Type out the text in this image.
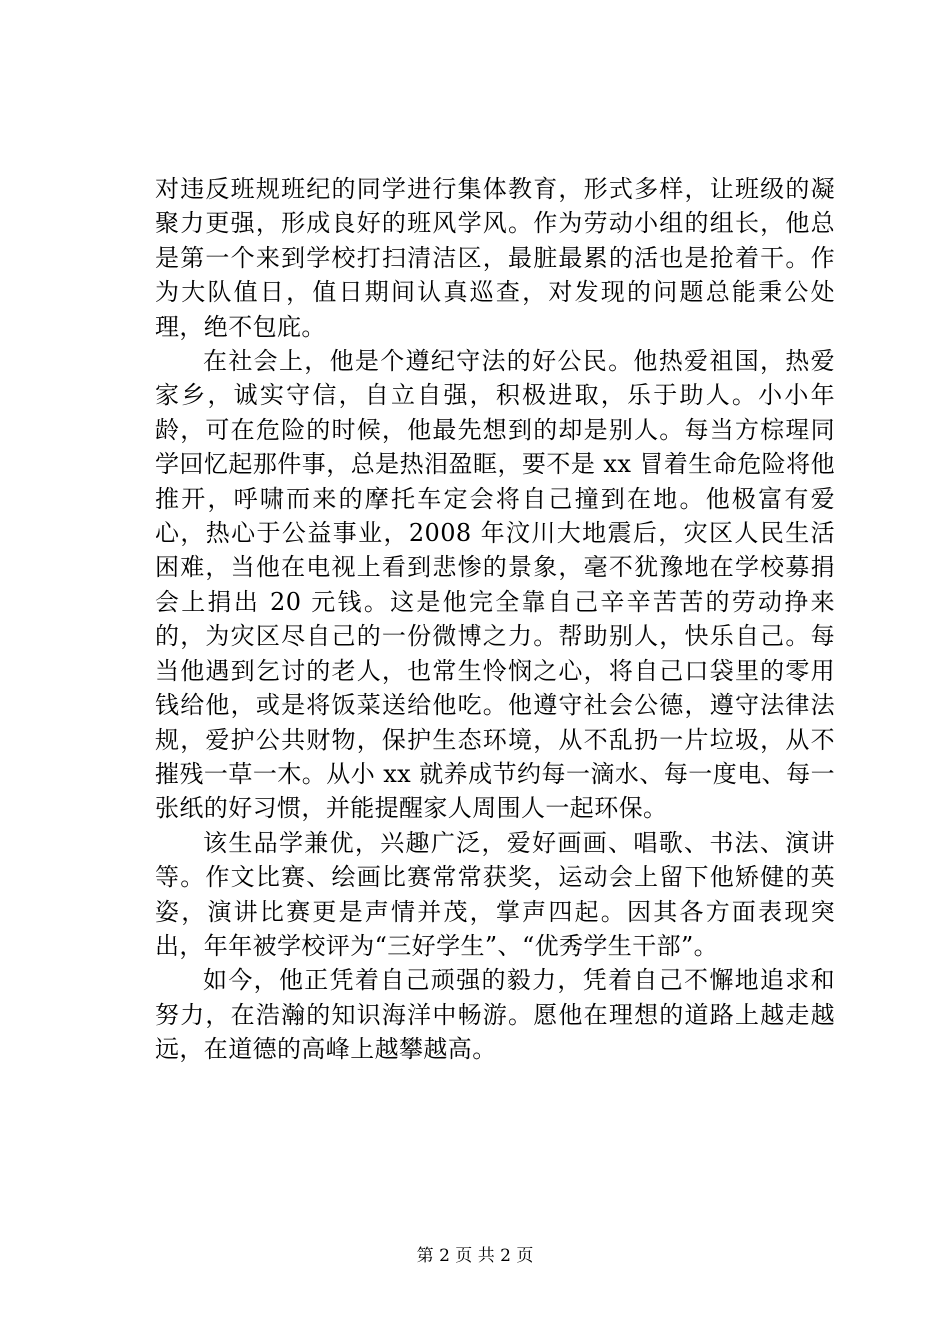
对违反班规班纪的同学进行集体教育，形式多样，让班级的凝聚力更强，形成良好的班风学风。作为劳动小组的组长，他总是第一个来到学校打扫清洁区，最脏最累的活也是抢着干。作为大队值日，值日期间认真巡查，对发现的问题总能秉公处理，绝不包庇。

在社会上，他是个遵纪守法的好公民。他热爱祖国，热爱家乡，诚实守信，自立自强，积极进取，乐于助人。小小年龄，可在危险的时候，他最先想到的却是别人。每当方棕瑆同学回忆起那件事，总是热泪盈眶，要不是 xx 冒着生命危险将他推开，呼啸而来的摩托车定会将自己撞到在地。他极富有爱心，热心于公益事业，2008 年汶川大地震后，灾区人民生活困难，当他在电视上看到悲惨的景象，毫不犹豫地在学校募捐会上捐出 20 元钱。这是他完全靠自己辛辛苦苦的劳动挣来的，为灾区尽自己的一份微博之力。帮助别人，快乐自己。每当他遇到乞讨的老人，也常生怜悯之心，将自己口袋里的零用钱给他，或是将饭菜送给他吃。他遵守社会公德，遵守法律法规，爱护公共财物，保护生态环境，从不乱扔一片垃圾，从不摧残一草一木。从小 xx 就养成节约每一滴水、每一度电、每一张纸的好习惯，并能提醒家人周围人一起环保。

该生品学兼优，兴趣广泛，爱好画画、唱歌、书法、演讲等。作文比赛、绘画比赛常常获奖，运动会上留下他矫健的英姿，演讲比赛更是声情并茂，掌声四起。因其各方面表现突出，年年被学校评为“三好学生”、“优秀学生干部”。

如今，他正凭着自己顽强的毅力，凭着自己不懈地追求和努力，在浩瀚的知识海洋中畅游。愿他在理想的道路上越走越远，在道德的高峰上越攀越高。

第 2 页 共 2 页
